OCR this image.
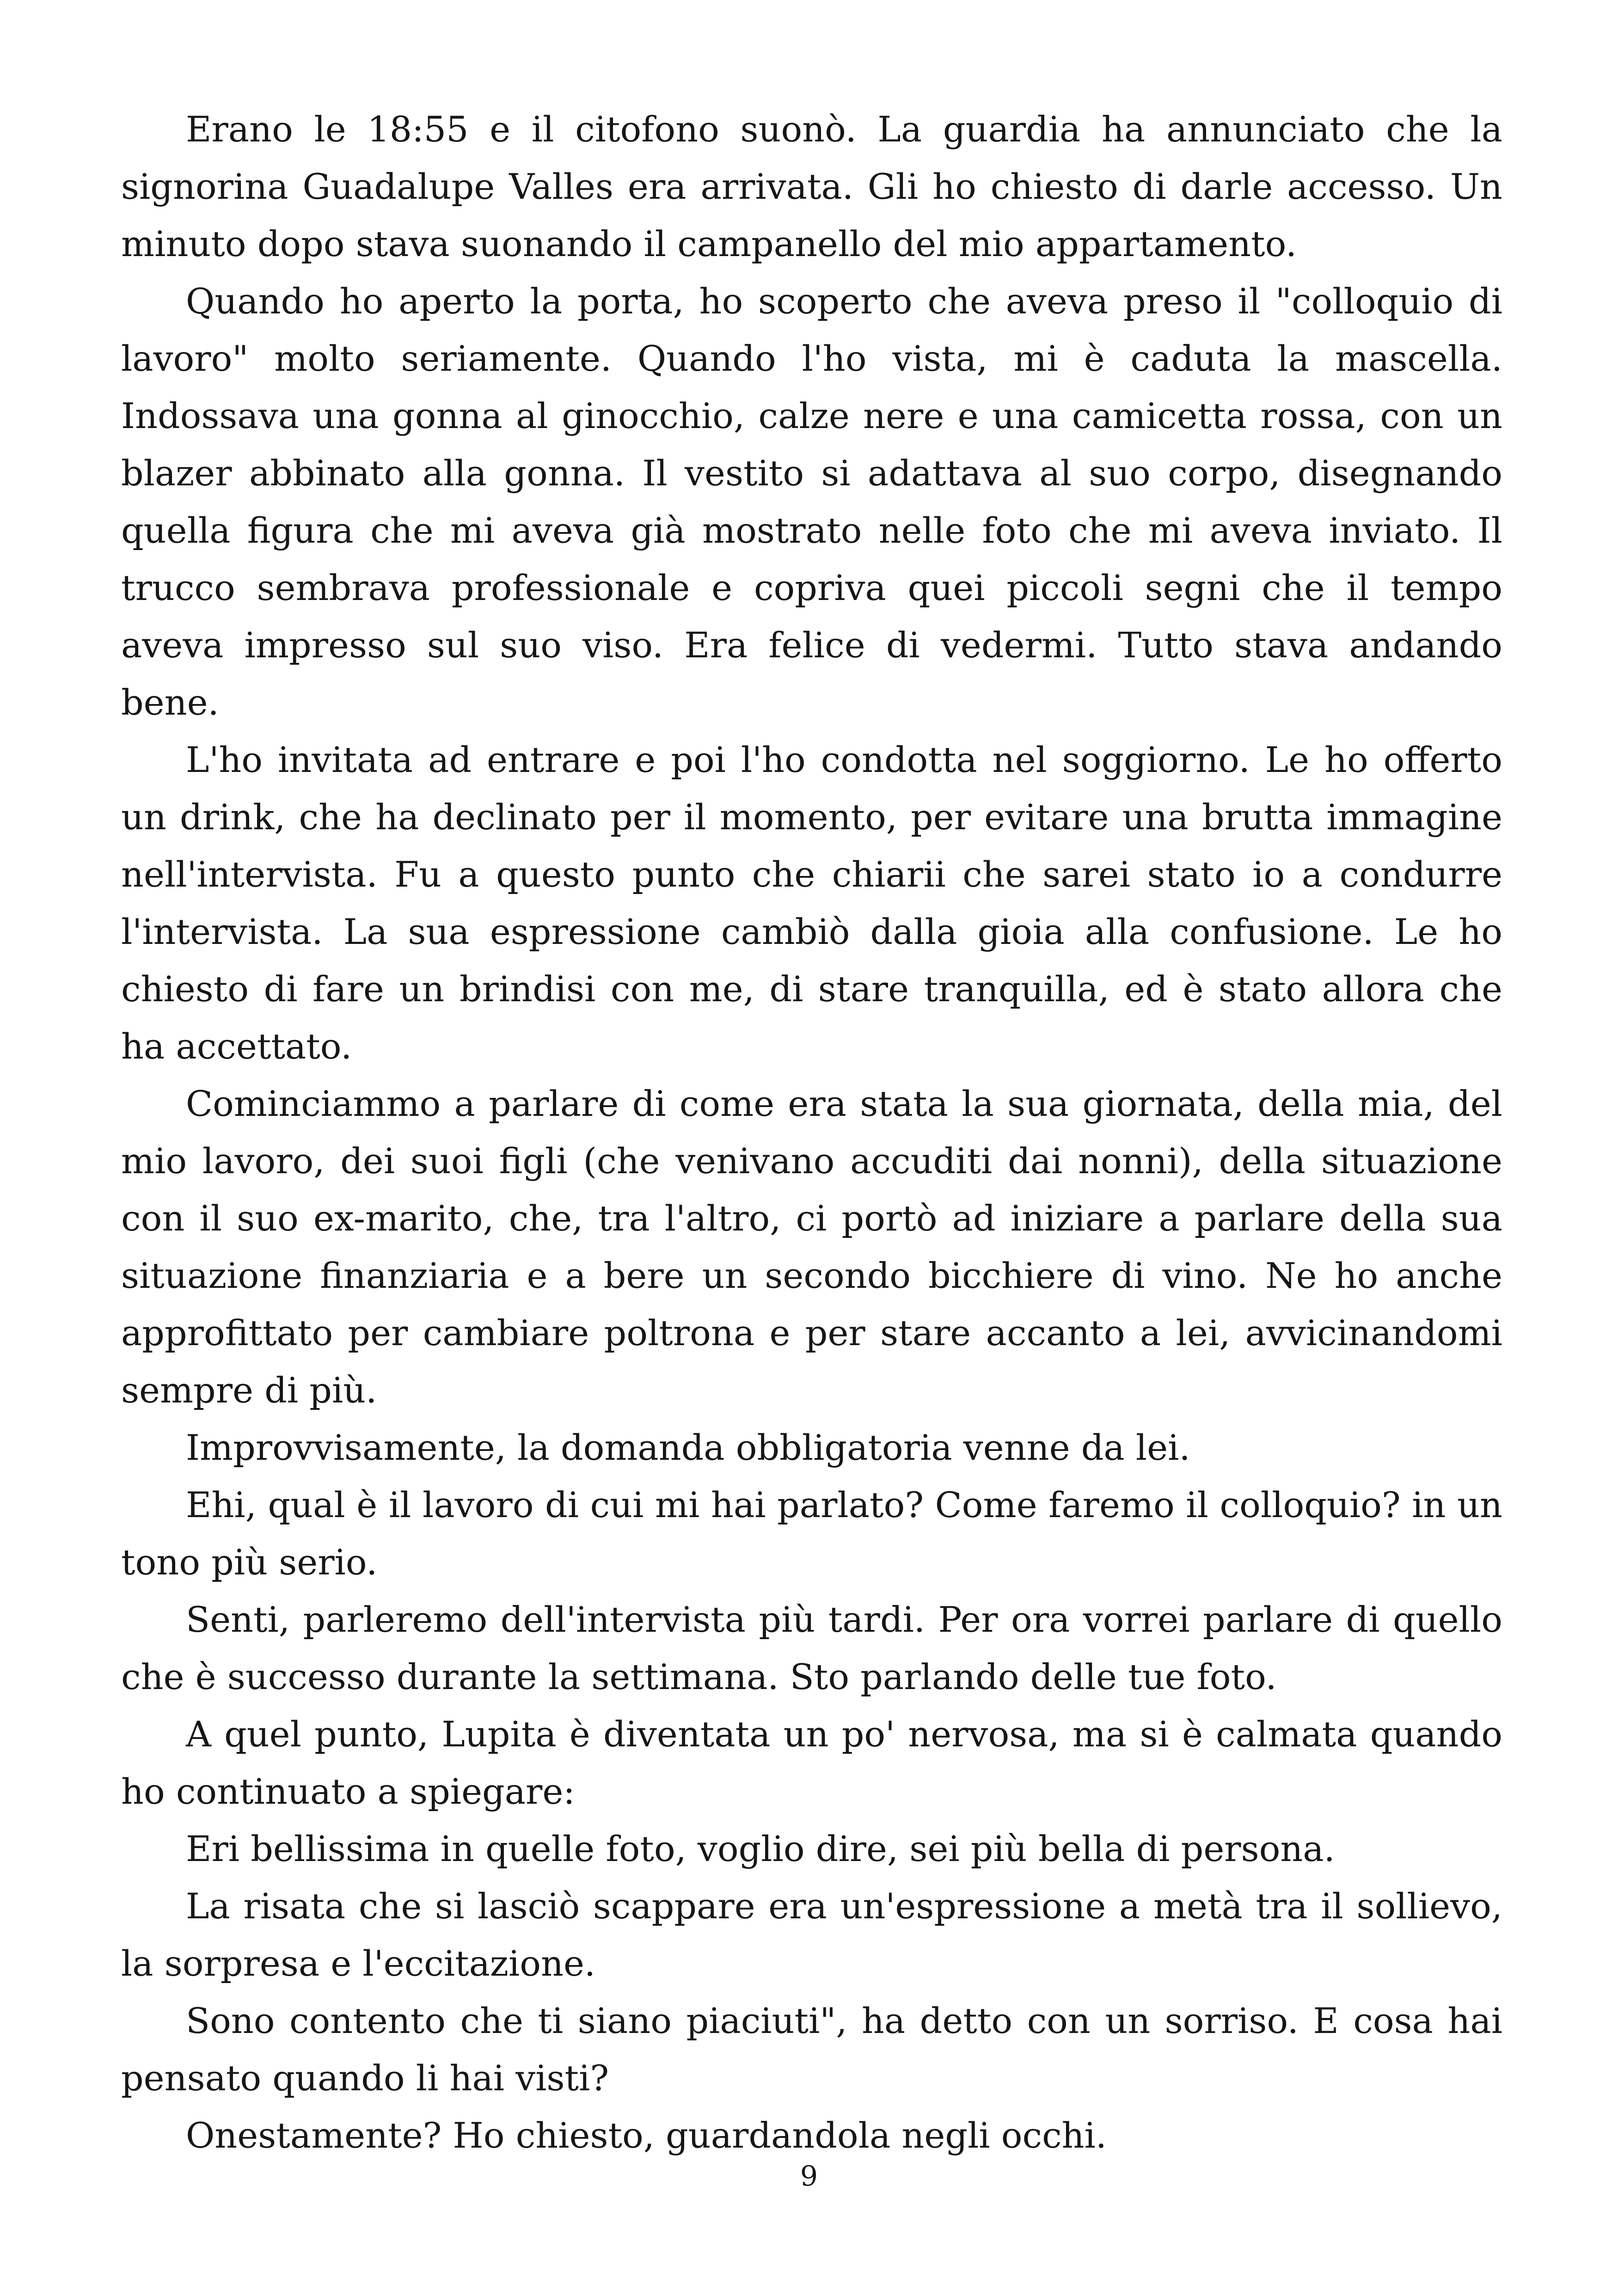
Erano le 18:55 e il citofono suonò. La guardia ha annunciato che la signorina Guadalupe Valles era arrivata. Gli ho chiesto di darle accesso. Un minuto dopo stava suonando il campanello del mio appartamento.

Quando ho aperto la porta, ho scoperto che aveva preso il "colloquio di lavoro" molto seriamente. Quando l'ho vista, mi è caduta la mascella. Indossava una gonna al ginocchio, calze nere e una camicetta rossa, con un blazer abbinato alla gonna. Il vestito si adattava al suo corpo, disegnando quella figura che mi aveva già mostrato nelle foto che mi aveva inviato. Il trucco sembrava professionale e copriva quei piccoli segni che il tempo aveva impresso sul suo viso. Era felice di vedermi. Tutto stava andando bene.

L'ho invitata ad entrare e poi l'ho condotta nel soggiorno. Le ho offerto un drink, che ha declinato per il momento, per evitare una brutta immagine nell'intervista. Fu a questo punto che chiarii che sarei stato io a condurre l'intervista. La sua espressione cambiò dalla gioia alla confusione. Le ho chiesto di fare un brindisi con me, di stare tranquilla, ed è stato allora che ha accettato.

Cominciammo a parlare di come era stata la sua giornata, della mia, del mio lavoro, dei suoi figli (che venivano accuditi dai nonni), della situazione con il suo ex-marito, che, tra l'altro, ci portò ad iniziare a parlare della sua situazione finanziaria e a bere un secondo bicchiere di vino. Ne ho anche approfittato per cambiare poltrona e per stare accanto a lei, avvicinandomi sempre di più.

Improvvisamente, la domanda obbligatoria venne da lei.

Ehi, qual è il lavoro di cui mi hai parlato? Come faremo il colloquio? in un tono più serio.

Senti, parleremo dell'intervista più tardi. Per ora vorrei parlare di quello che è successo durante la settimana. Sto parlando delle tue foto.

A quel punto, Lupita è diventata un po' nervosa, ma si è calmata quando ho continuato a spiegare:

Eri bellissima in quelle foto, voglio dire, sei più bella di persona.

La risata che si lasciò scappare era un'espressione a metà tra il sollievo, la sorpresa e l'eccitazione.

Sono contento che ti siano piaciuti", ha detto con un sorriso. E cosa hai pensato quando li hai visti?

Onestamente? Ho chiesto, guardandola negli occhi.

9
